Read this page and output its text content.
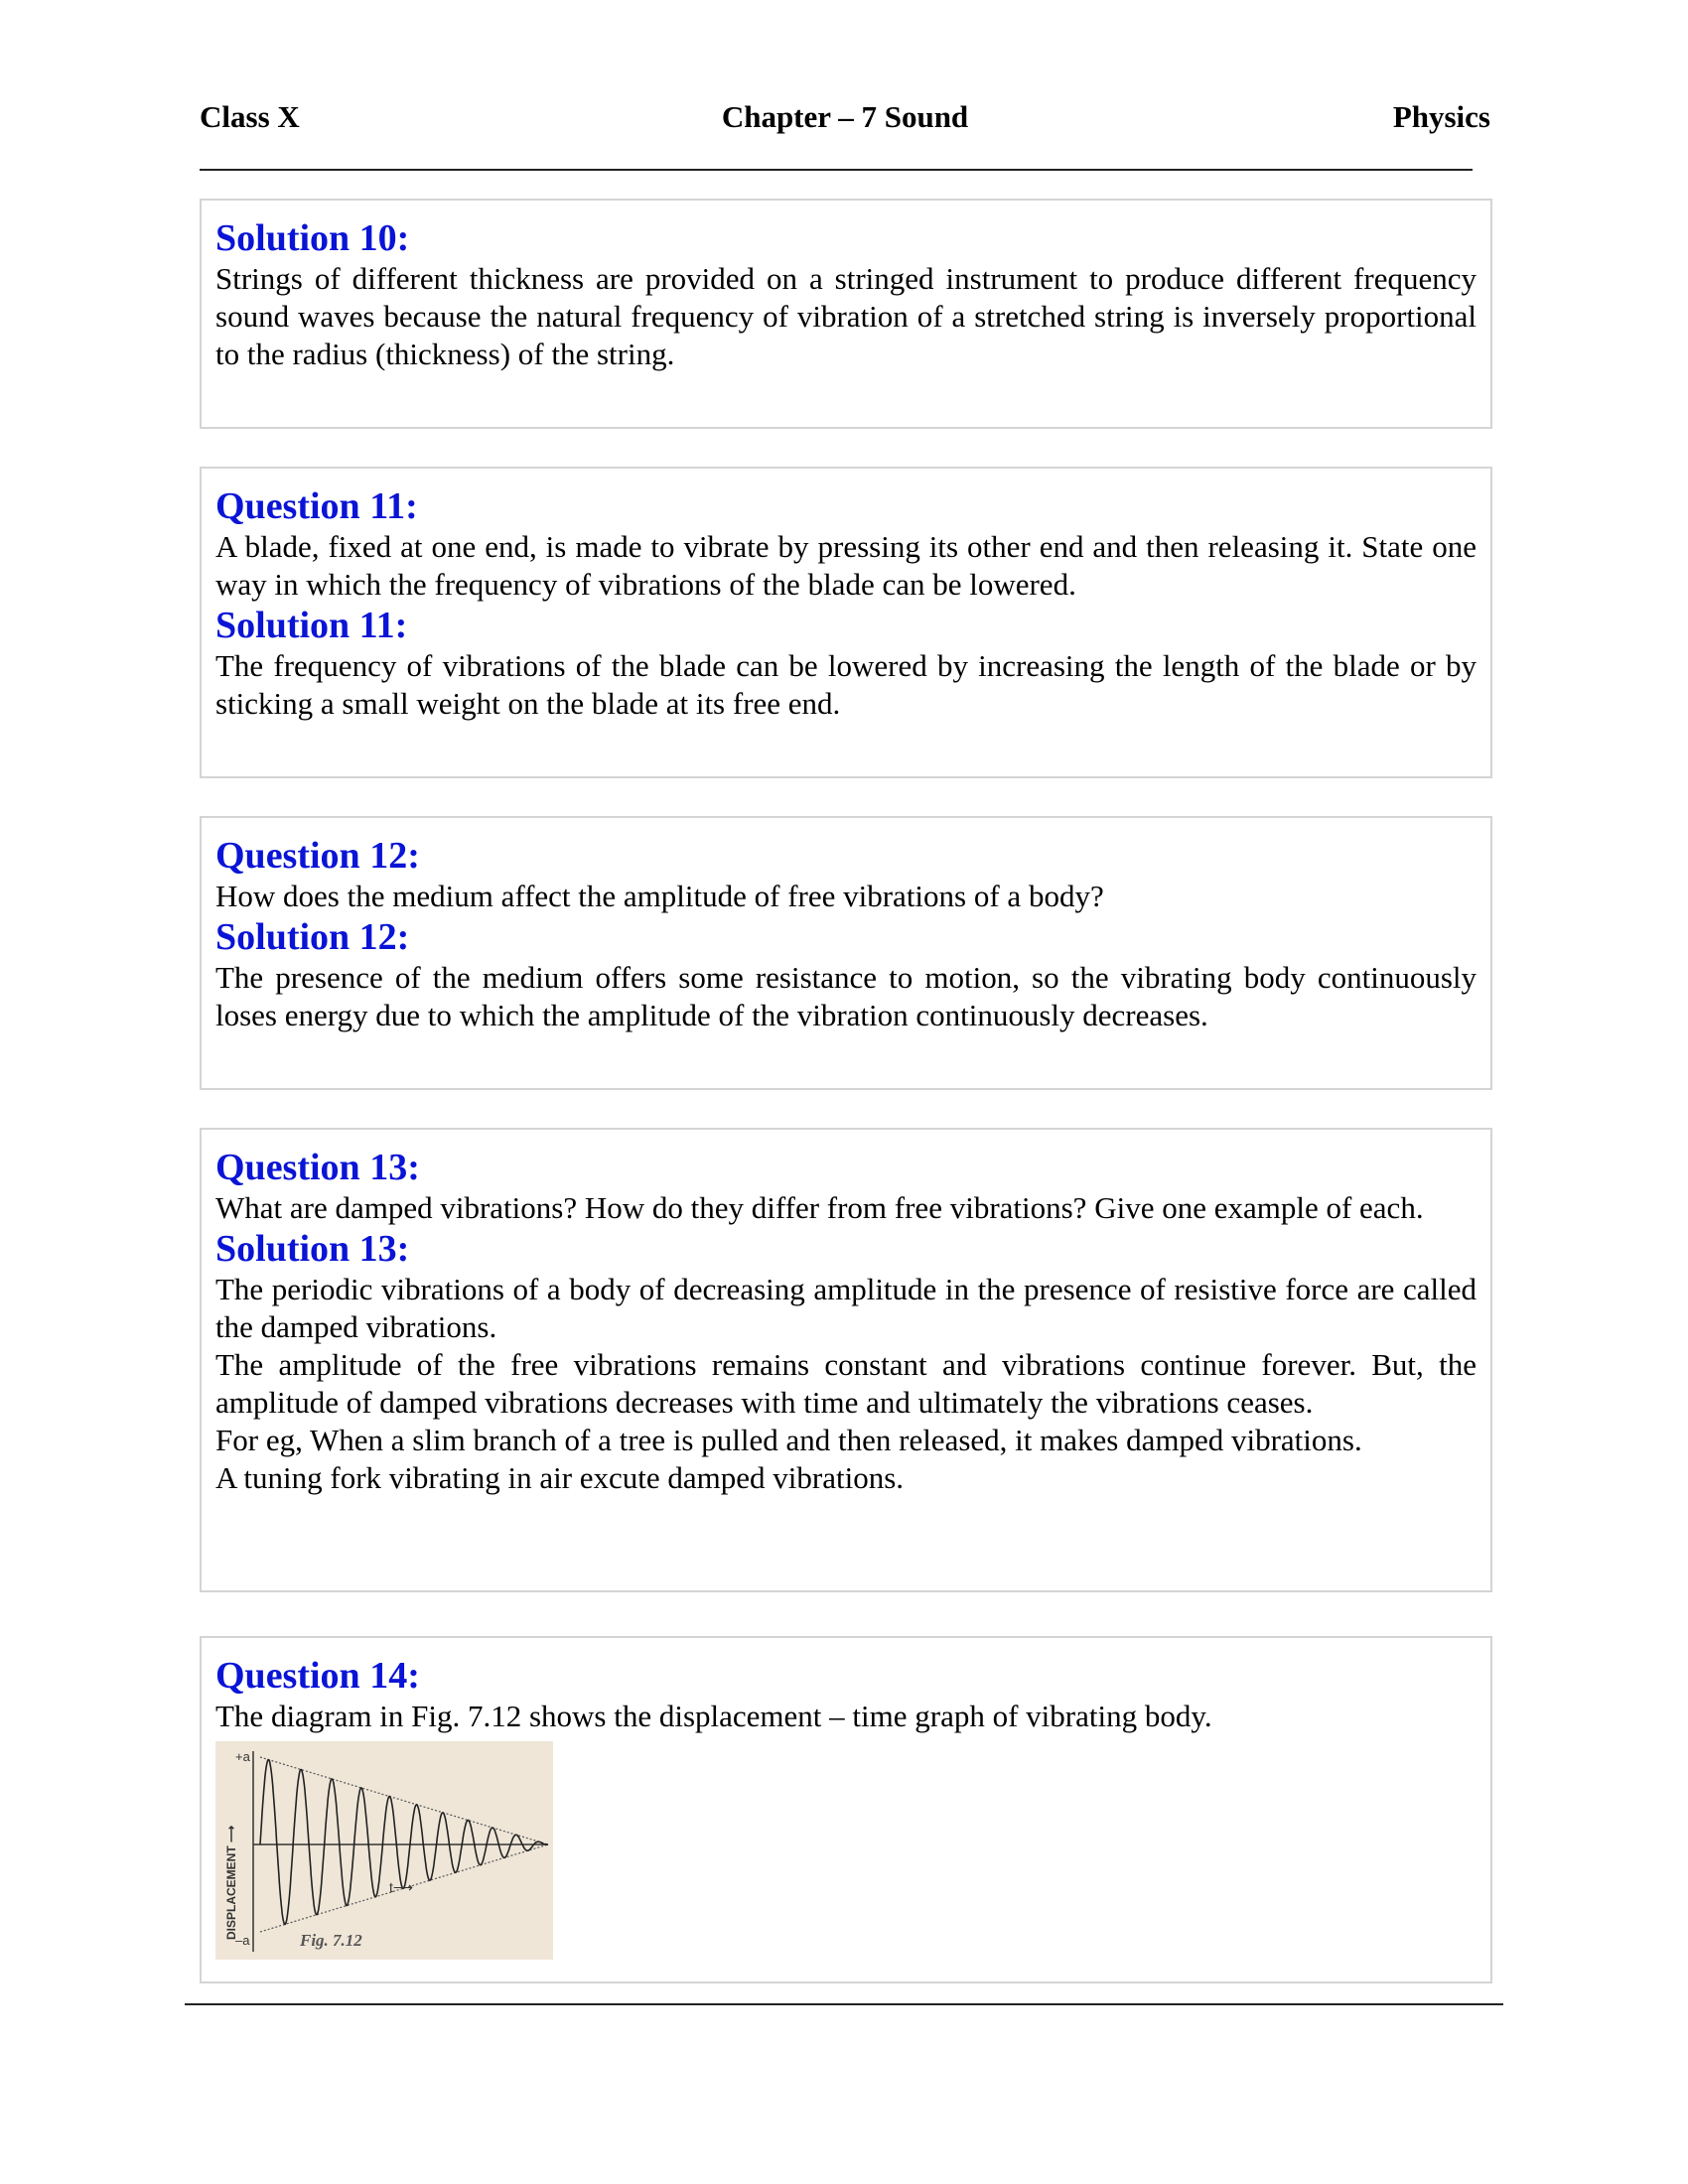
Class X	Chapter – 7 Sound	Physics

Solution 10:

Strings of different thickness are provided on a stringed instrument to produce different frequency sound waves because the natural frequency of vibration of a stretched string is inversely proportional to the radius (thickness) of the string.

Question 11:

A blade, fixed at one end, is made to vibrate by pressing its other end and then releasing it. State one way in which the frequency of vibrations of the blade can be lowered.

Solution 11:

The frequency of vibrations of the blade can be lowered by increasing the length of the blade or by sticking a small weight on the blade at its free end.

Question 12:

How does the medium affect the amplitude of free vibrations of a body?

Solution 12:

The presence of the medium offers some resistance to motion, so the vibrating body continuously loses energy due to which the amplitude of the vibration continuously decreases.

Question 13:

What are damped vibrations? How do they differ from free vibrations? Give one example of each.

Solution 13:

The periodic vibrations of a body of decreasing amplitude in the presence of resistive force are called the damped vibrations.

The amplitude of the free vibrations remains constant and vibrations continue forever. But, the amplitude of damped vibrations decreases with time and ultimately the vibrations ceases.

For eg, When a slim branch of a tree is pulled and then released, it makes damped vibrations.

A tuning fork vibrating in air excute damped vibrations.

Question 14:

The diagram in Fig. 7.12 shows the displacement – time graph of vibrating body.

+a
–a
DISPLACEMENT ⟶	t⟶
Fig. 7.12
